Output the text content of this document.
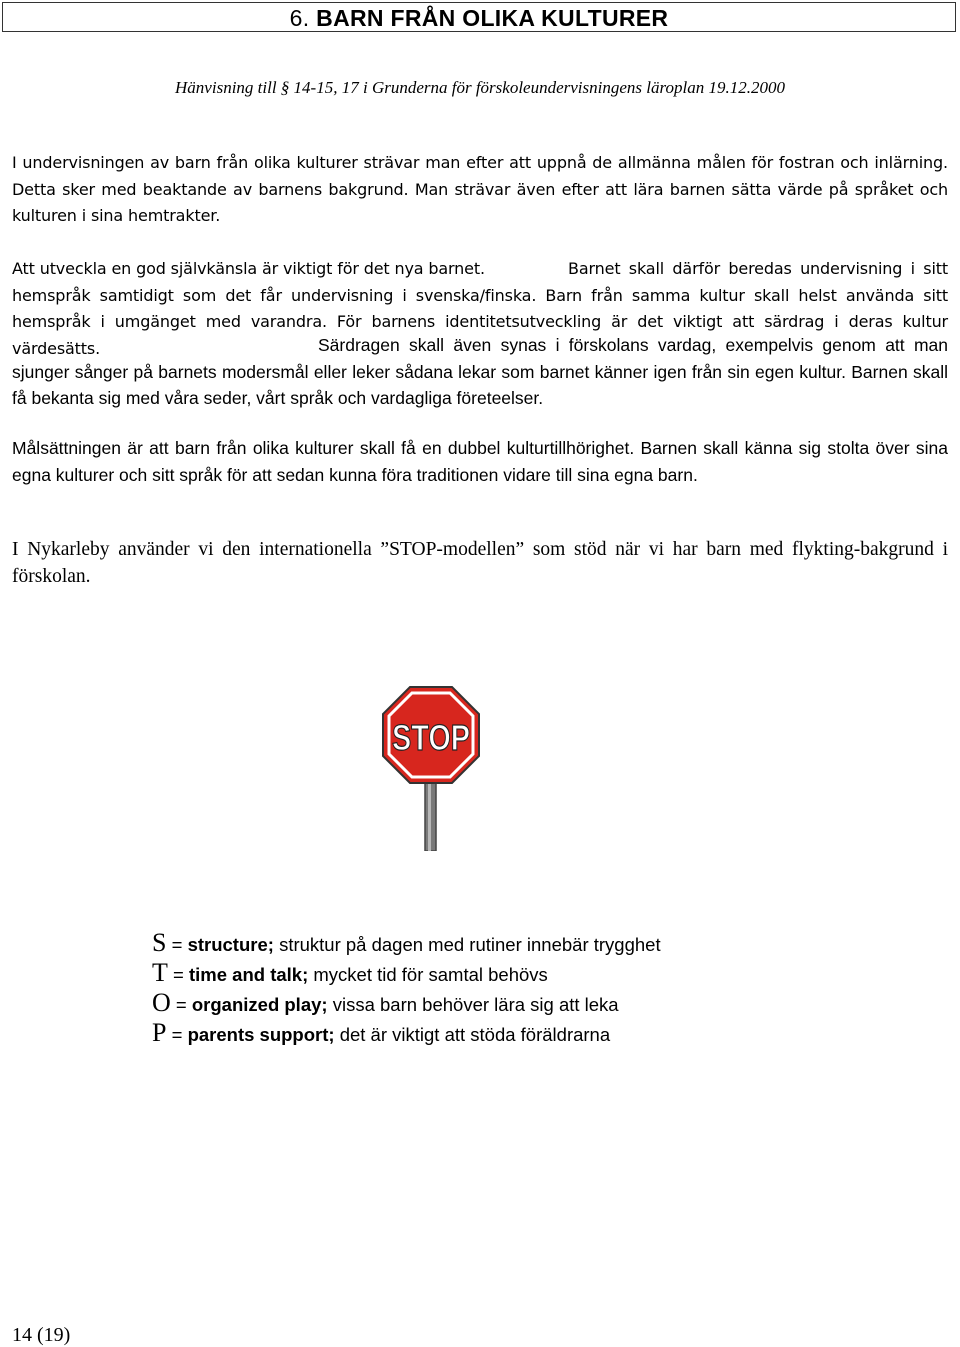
6. BARN FRÅN OLIKA KULTURER
Hänvisning till § 14-15, 17 i Grunderna för förskoleundervisningens läroplan 19.12.2000

I undervisningen av barn från olika kulturer strävar man efter att uppnå de allmänna målen för fostran och inlärning. Detta sker med beaktande av barnens bakgrund. Man strävar även efter att lära barnen sätta värde på språket och kulturen i sina hemtrakter.

Att utveckla en god självkänsla är viktigt för det nya barnet.	Barnet skall därför beredas undervisning i sitt hemspråk samtidigt som det får undervisning i svenska/finska. Barn från samma kultur skall helst använda sitt hemspråk i umgänget med varandra. För barnens identitetsutveckling är det viktigt att särdrag i deras kultur värdesätts.	Särdragen skall även synas i förskolans vardag, exempelvis genom att man sjunger sånger på barnets modersmål eller leker sådana lekar som barnet känner igen från sin egen kultur. Barnen skall få bekanta sig med våra seder, vårt språk och vardagliga företeelser.

Målsättningen är att barn från olika kulturer skall få en dubbel kulturtillhörighet. Barnen skall känna sig stolta över sina egna kulturer och sitt språk för att sedan kunna föra traditionen vidare till sina egna barn.

I Nykarleby använder vi den internationella ”STOP-modellen” som stöd när vi har barn med flykting-bakgrund i förskolan.

STOP
S = structure; struktur på dagen med rutiner innebär trygghet
T = time and talk; mycket tid för samtal behövs
O = organized play; vissa barn behöver lära sig att leka
P = parents support; det är viktigt att stöda föräldrarna
14 (19)
